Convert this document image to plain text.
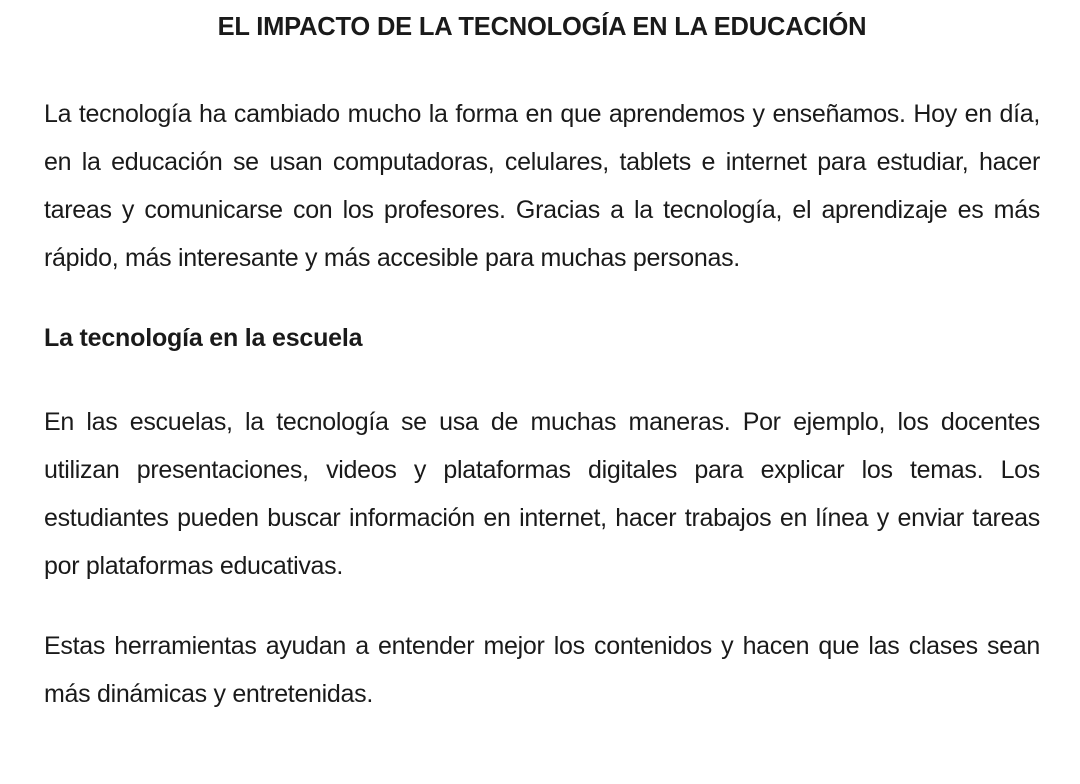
EL IMPACTO DE LA TECNOLOGÍA EN LA EDUCACIÓN

La tecnología ha cambiado mucho la forma en que aprendemos y enseñamos. Hoy en día, en la educación se usan computadoras, celulares, tablets e internet para estudiar, hacer tareas y comunicarse con los profesores. Gracias a la tecnología, el aprendizaje es más rápido, más interesante y más accesible para muchas personas.

La tecnología en la escuela

En las escuelas, la tecnología se usa de muchas maneras. Por ejemplo, los docentes utilizan presentaciones, videos y plataformas digitales para explicar los temas. Los estudiantes pueden buscar información en internet, hacer trabajos en línea y enviar tareas por plataformas educativas.

Estas herramientas ayudan a entender mejor los contenidos y hacen que las clases sean más dinámicas y entretenidas.
